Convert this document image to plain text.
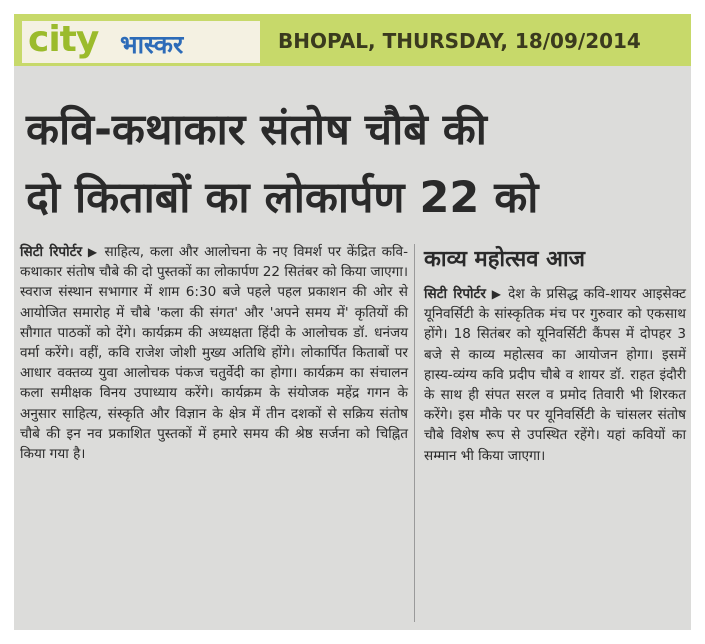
city भास्कर	BHOPAL, THURSDAY, 18/09/2014
कवि-कथाकार संतोष चौबे की
दो किताबों का लोकार्पण 22 को
सिटी रिपोर्टर ▶ साहित्य, कला और आलोचना के नए विमर्श पर केंद्रित कवि-कथाकार संतोष चौबे की दो पुस्तकों का लोकार्पण 22 सितंबर को किया जाएगा। स्वराज संस्थान सभागार में शाम 6:30 बजे पहले पहल प्रकाशन की ओर से आयोजित समारोह में चौबे 'कला की संगत' और 'अपने समय में' कृतियों की सौगात पाठकों को देंगे। कार्यक्रम की अध्यक्षता हिंदी के आलोचक डॉ. धनंजय वर्मा करेंगे। वहीं, कवि राजेश जोशी मुख्य अतिथि होंगे। लोकार्पित किताबों पर आधार वक्तव्य युवा आलोचक पंकज चतुर्वेदी का होगा। कार्यक्रम का संचालन कला समीक्षक विनय उपाध्याय करेंगे। कार्यक्रम के संयोजक महेंद्र गगन के अनुसार साहित्य, संस्कृति और विज्ञान के क्षेत्र में तीन दशकों से सक्रिय संतोष चौबे की इन नव प्रकाशित पुस्तकों में हमारे समय की श्रेष्ठ सर्जना को चिह्नित किया गया है।
काव्य महोत्सव आज
सिटी रिपोर्टर ▶ देश के प्रसिद्ध कवि-शायर आइसेक्ट यूनिवर्सिटी के सांस्कृतिक मंच पर गुरुवार को एकसाथ होंगे। 18 सितंबर को यूनिवर्सिटी कैंपस में दोपहर 3 बजे से काव्य महोत्सव का आयोजन होगा। इसमें हास्य-व्यंग्य कवि प्रदीप चौबे व शायर डॉ. राहत इंदौरी के साथ ही संपत सरल व प्रमोद तिवारी भी शिरकत करेंगे। इस मौके पर पर यूनिवर्सिटी के चांसलर संतोष चौबे विशेष रूप से उपस्थित रहेंगे। यहां कवियों का सम्मान भी किया जाएगा।
